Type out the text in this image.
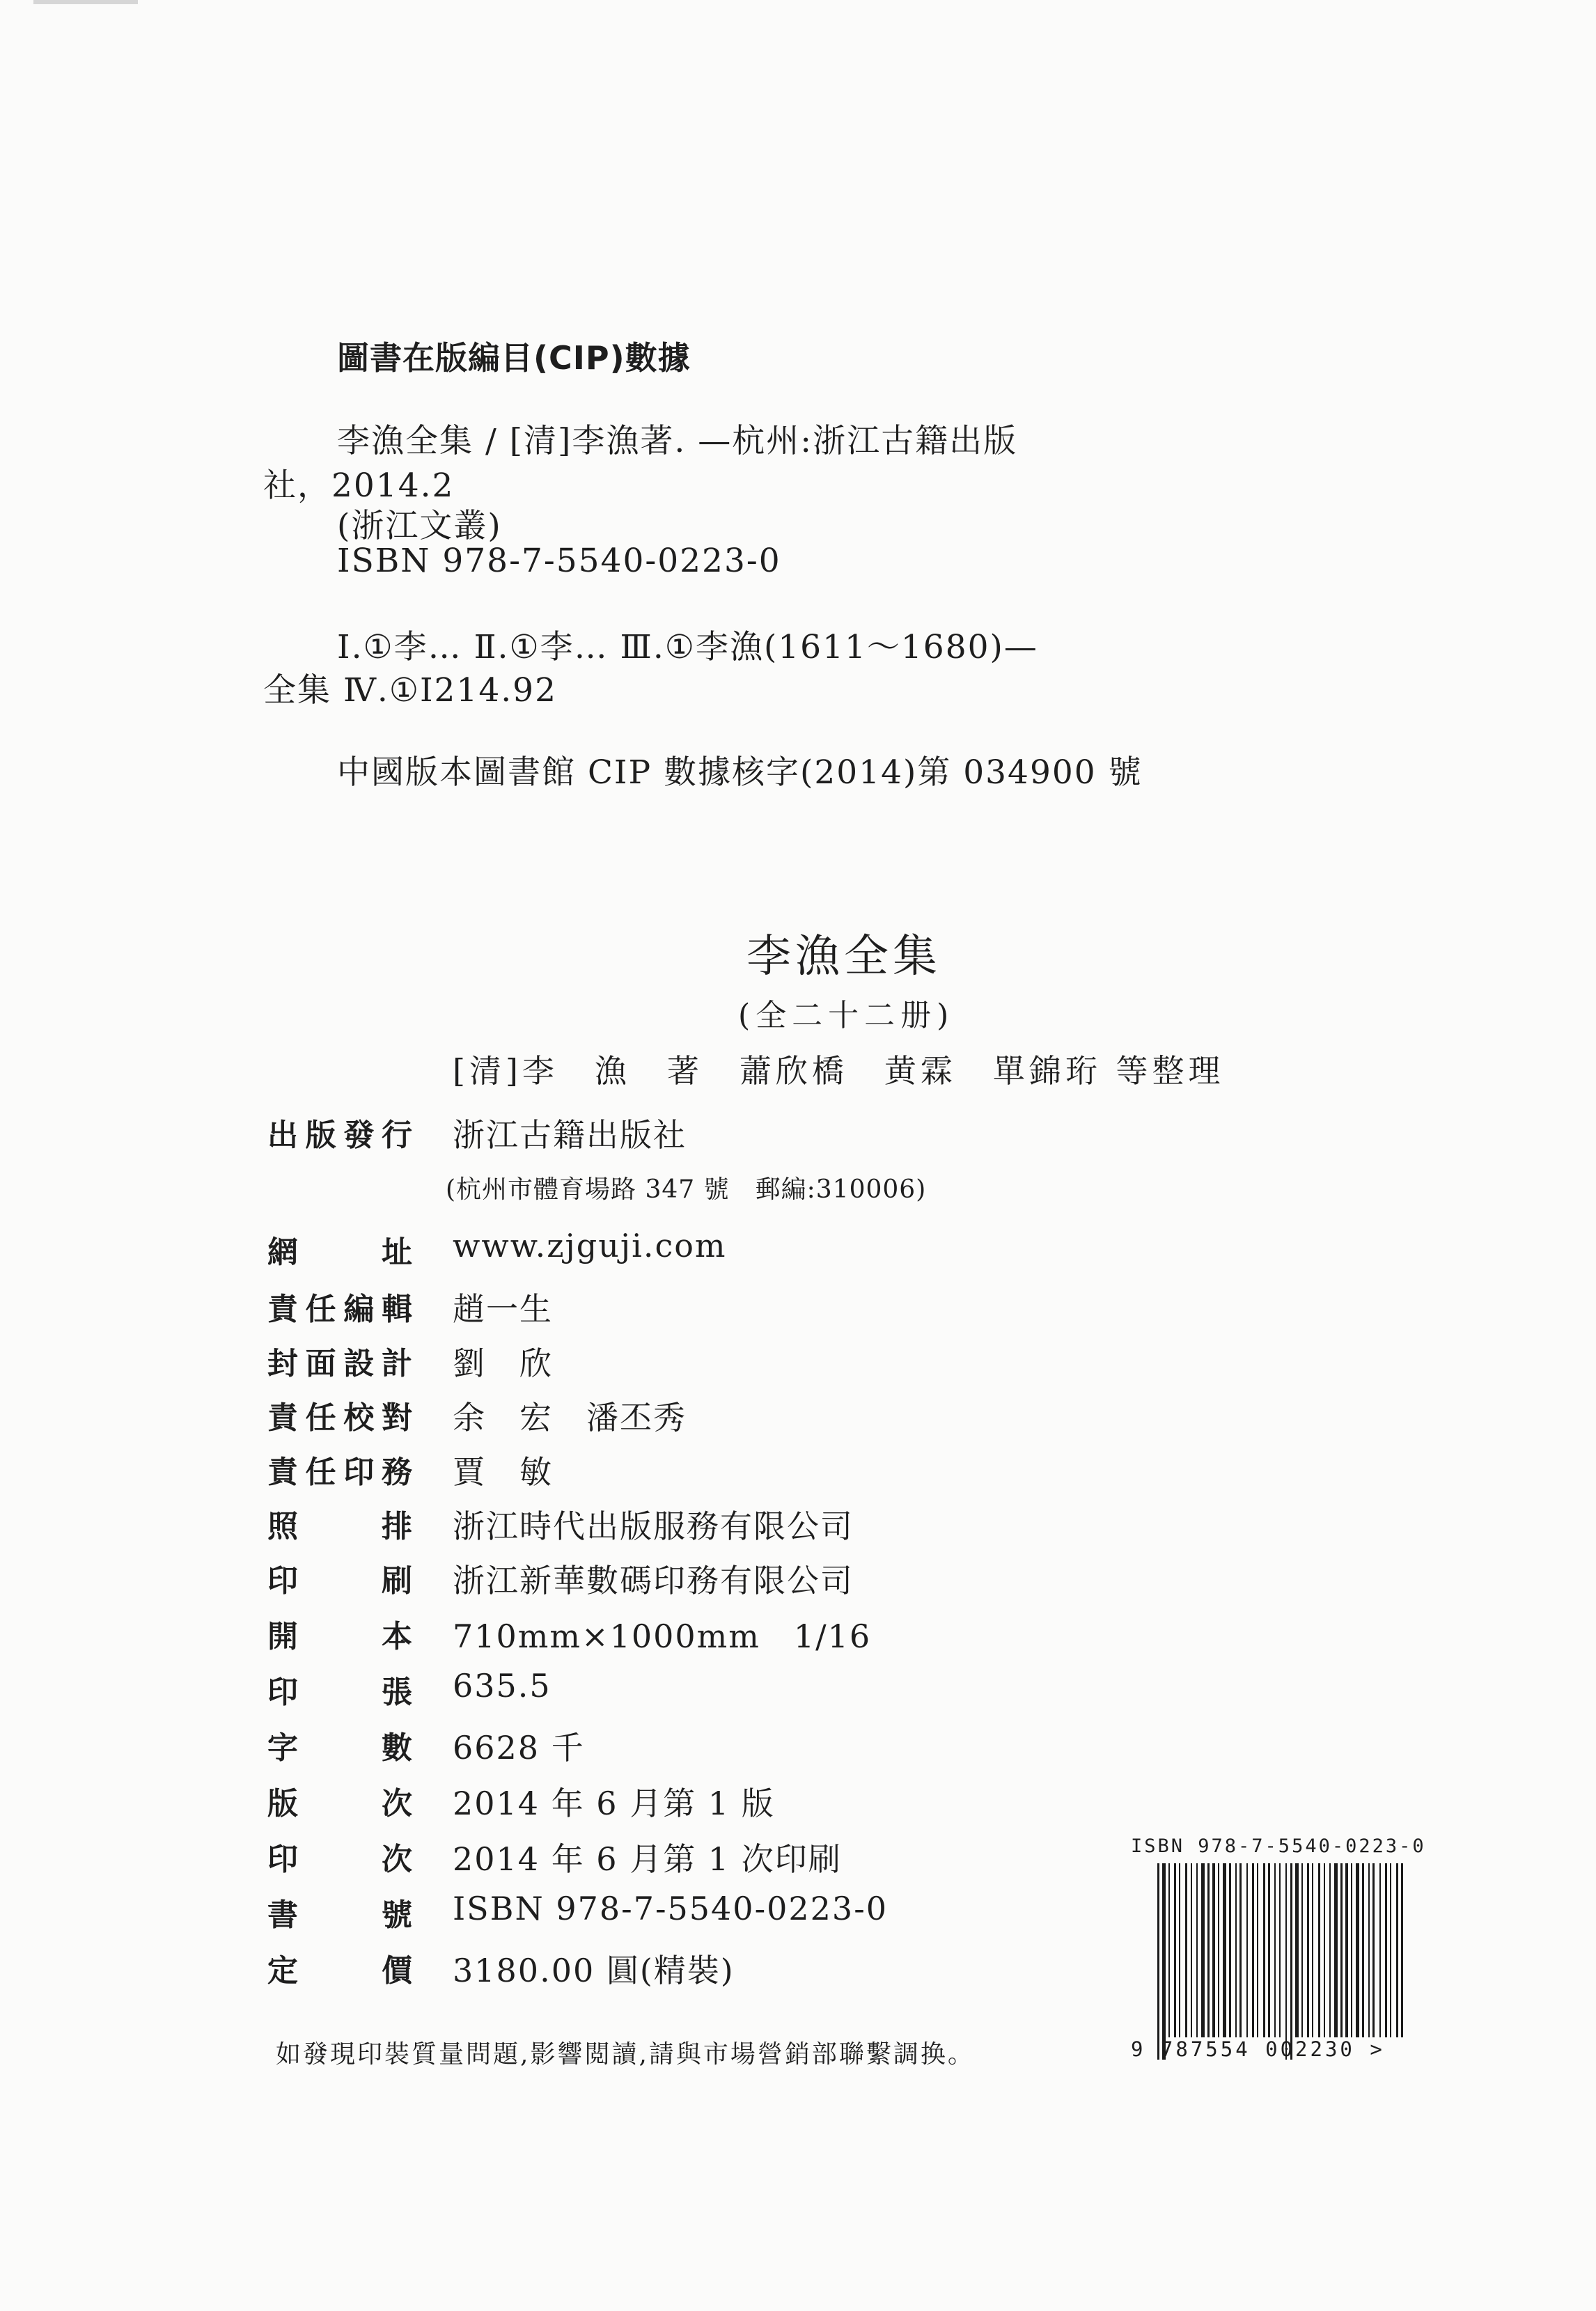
圖書在版編目(CIP)數據
李漁全集 / [清]李漁著. —杭州:浙江古籍出版
社，2014.2
(浙江文叢)
ISBN 978-7-5540-0223-0
Ⅰ.①李… Ⅱ.①李… Ⅲ.①李漁(1611～1680)—
全集 Ⅳ.①I214.92
中國版本圖書館 CIP 數據核字(2014)第 034900 號
李漁全集
(全二十二册)
[清]李　漁　著 蕭欣橋 黄霖 單錦珩 等整理
出 版 發 行 浙江古籍出版社
網	址 www.zjguji.com
責 任 編 輯 趙一生
封 面 設 計 劉　欣
責 任 校 對 余　宏　潘丕秀
責 任 印 務 賈　敏
照	排 浙江時代出版服務有限公司
印	刷 浙江新華數碼印務有限公司
開	本 710mm×1000mm　1/16
印	張 635.5
字	數 6628 千
版	次 2014 年 6 月第 1 版
印	次 2014 年 6 月第 1 次印刷
書	號 ISBN 978-7-5540-0223-0
定	價 3180.00 圓(精裝)
(杭州市體育場路 347 號　郵編:310006)
如發現印裝質量問題,影響閲讀,請與市場營銷部聯繫調换。
ISBN 978-7-5540-0223-0
9 787554 002230 >
